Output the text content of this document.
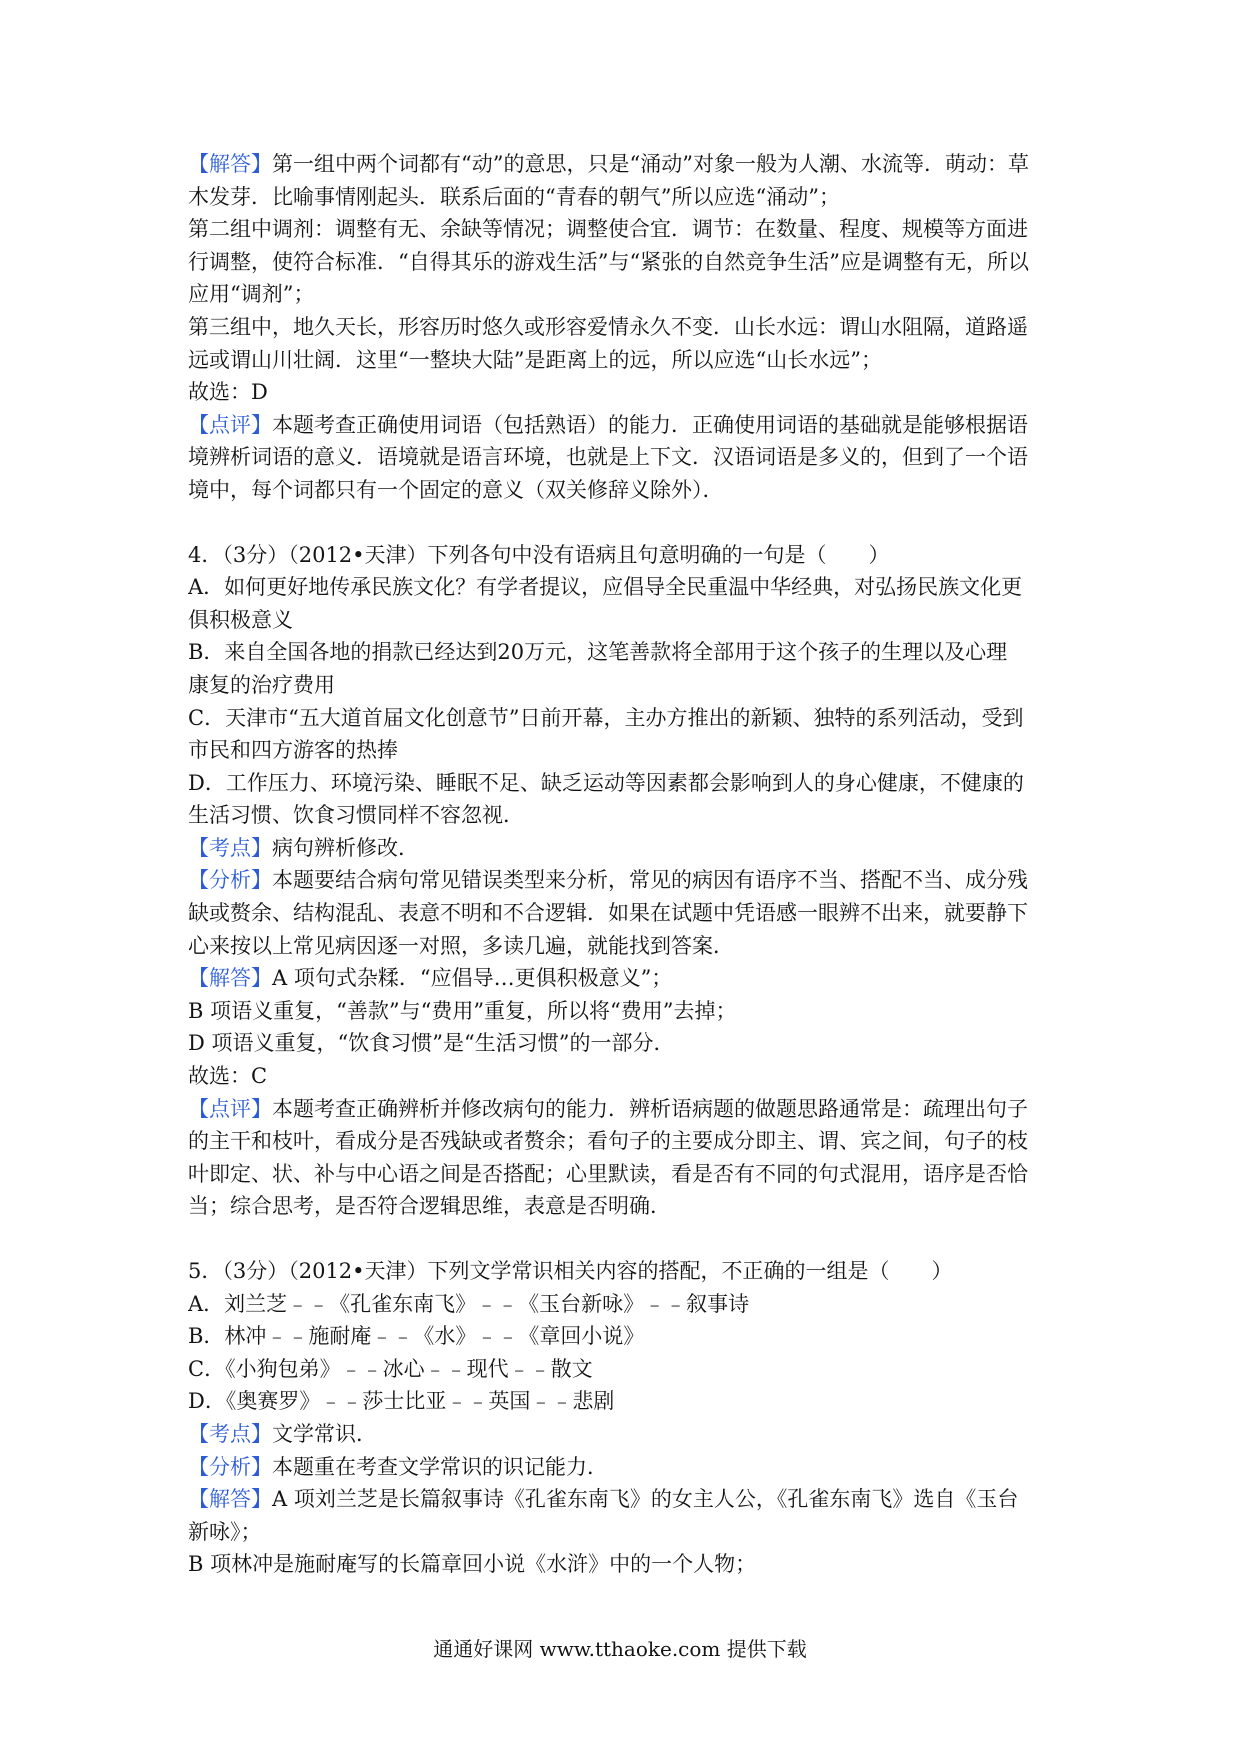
【解答】第一组中两个词都有“动”的意思，只是“涌动”对象一般为人潮、水流等．萌动：草
木发芽．比喻事情刚起头．联系后面的“青春的朝气”所以应选“涌动”；
第二组中调剂：调整有无、余缺等情况；调整使合宜．调节：在数量、程度、规模等方面进
行调整，使符合标准．“自得其乐的游戏生活”与“紧张的自然竞争生活”应是调整有无，所以
应用“调剂”；
第三组中，地久天长，形容历时悠久或形容爱情永久不变．山长水远：谓山水阻隔，道路遥
远或谓山川壮阔．这里“一整块大陆”是距离上的远，所以应选“山长水远”；
故选：D
【点评】本题考查正确使用词语（包括熟语）的能力．正确使用词语的基础就是能够根据语
境辨析词语的意义．语境就是语言环境，也就是上下文．汉语词语是多义的，但到了一个语
境中，每个词都只有一个固定的意义（双关修辞义除外）．
4．（3分）（2012•天津）下列各句中没有语病且句意明确的一句是（　　）
A．如何更好地传承民族文化？有学者提议，应倡导全民重温中华经典，对弘扬民族文化更
俱积极意义
B．来自全国各地的捐款已经达到20万元，这笔善款将全部用于这个孩子的生理以及心理
康复的治疗费用
C．天津市“五大道首届文化创意节”日前开幕，主办方推出的新颖、独特的系列活动，受到
市民和四方游客的热捧
D．工作压力、环境污染、睡眠不足、缺乏运动等因素都会影响到人的身心健康，不健康的
生活习惯、饮食习惯同样不容忽视．
【考点】病句辨析修改．
【分析】本题要结合病句常见错误类型来分析，常见的病因有语序不当、搭配不当、成分残
缺或赘余、结构混乱、表意不明和不合逻辑．如果在试题中凭语感一眼辨不出来，就要静下
心来按以上常见病因逐一对照，多读几遍，就能找到答案．
【解答】A 项句式杂糅．“应倡导…更俱积极意义”；
B 项语义重复，“善款”与“费用”重复，所以将“费用”去掉；
D 项语义重复，“饮食习惯”是“生活习惯”的一部分．
故选：C
【点评】本题考查正确辨析并修改病句的能力．辨析语病题的做题思路通常是：疏理出句子
的主干和枝叶，看成分是否残缺或者赘余；看句子的主要成分即主、谓、宾之间，句子的枝
叶即定、状、补与中心语之间是否搭配；心里默读，看是否有不同的句式混用，语序是否恰
当；综合思考，是否符合逻辑思维，表意是否明确．
5．（3分）（2012•天津）下列文学常识相关内容的搭配，不正确的一组是（　　）
A．刘兰芝﹣﹣《孔雀东南飞》﹣﹣《玉台新咏》﹣﹣叙事诗
B．林冲﹣﹣施耐庵﹣﹣《水》﹣﹣《章回小说》
C．《小狗包弟》﹣﹣冰心﹣﹣现代﹣﹣散文
D．《奥赛罗》﹣﹣莎士比亚﹣﹣英国﹣﹣悲剧
【考点】文学常识．
【分析】本题重在考查文学常识的识记能力．
【解答】A 项刘兰芝是长篇叙事诗《孔雀东南飞》的女主人公，《孔雀东南飞》选自《玉台
新咏》；
B 项林冲是施耐庵写的长篇章回小说《水浒》中的一个人物；
通通好课网 www.tthaoke.com 提供下载
